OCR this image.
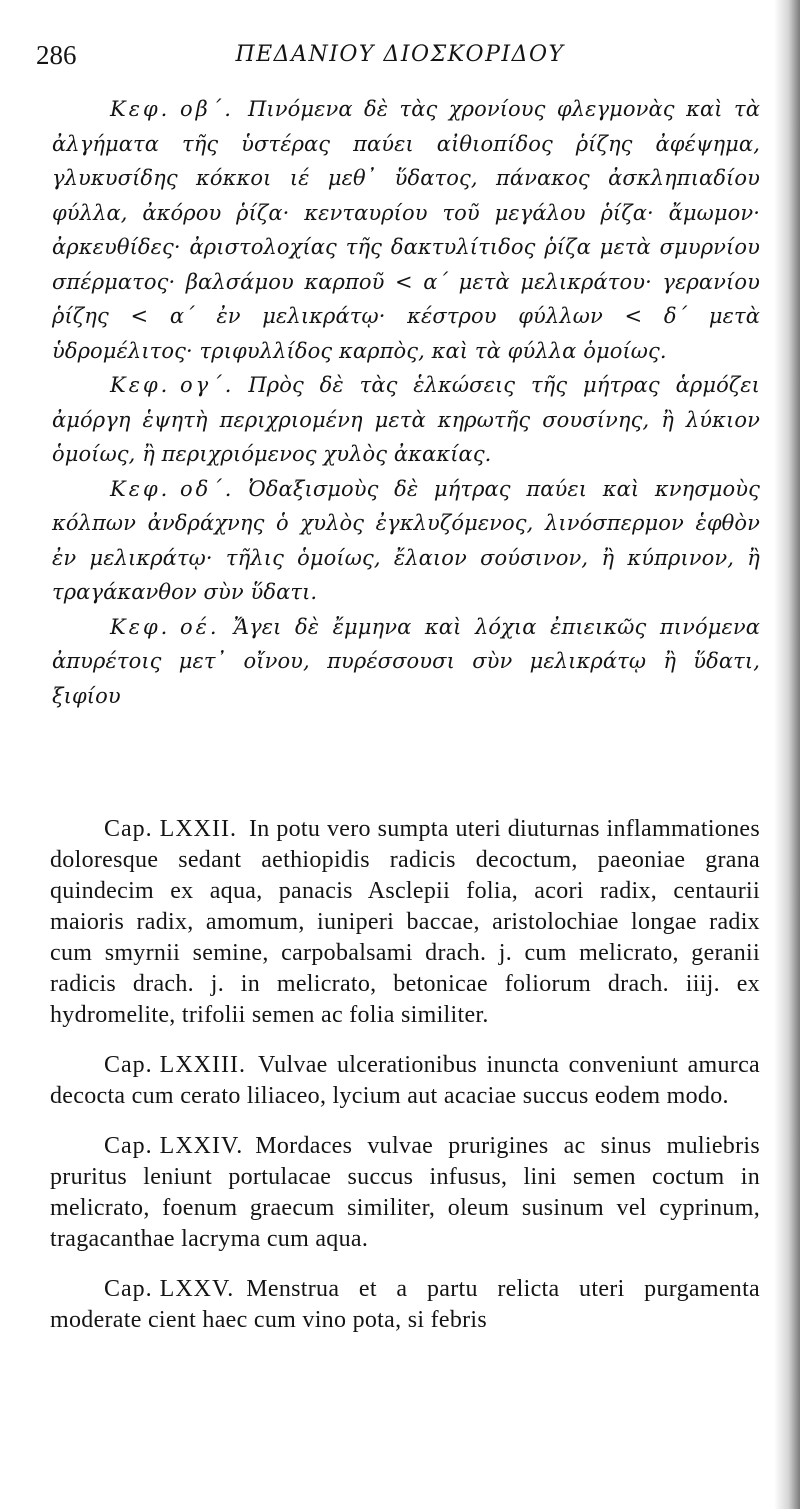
286	ΠΕΔΑΝΙΟΥ ΔΙΟΣΚΟΡΙΔΟΥ

Κεφ. οβ΄. Πινόμενα δὲ τὰς χρονίους φλεγμονὰς καὶ τὰ ἀλγήματα τῆς ὑστέρας παύει αἰθιοπίδος ῥίζης ἀφέψημα, γλυκυσίδης κόκκοι ιέ μεθ᾽ ὕδατος, πάνακος ἀσκληπιαδίου φύλλα, ἀκόρου ῥίζα· κενταυρίου τοῦ μεγάλου ῥίζα· ἄμωμον· ἀρκευθίδες· ἀριστολοχίας τῆς δακτυλίτιδος ῥίζα μετὰ σμυρνίου σπέρματος· βαλσάμου καρποῦ < α΄ μετὰ μελικράτου· γερανίου ῥίζης < α΄ ἐν μελικράτῳ· κέστρου φύλλων < δ΄ μετὰ ὑδρομέλιτος· τριφυλλίδος καρπὸς, καὶ τὰ φύλλα ὁμοίως.

Κεφ. ογ΄. Πρὸς δὲ τὰς ἑλκώσεις τῆς μήτρας ἁρμόζει ἀμόργη ἑψητὴ περιχριομένη μετὰ κηρωτῆς σουσίνης, ἢ λύκιον ὁμοίως, ἢ περιχριόμενος χυλὸς ἀκακίας.

Κεφ. οδ΄. Ὀδαξισμοὺς δὲ μήτρας παύει καὶ κνησμοὺς κόλπων ἀνδράχνης ὁ χυλὸς ἐγκλυζόμενος, λινόσπερμον ἑφθὸν ἐν μελικράτῳ· τῆλις ὁμοίως, ἔλαιον σούσινον, ἢ κύπρινον, ἢ τραγάκανθον σὺν ὕδατι.

Κεφ. οέ. Ἄγει δὲ ἔμμηνα καὶ λόχια ἐπιεικῶς πινόμενα ἀπυρέτοις μετ᾽ οἴνου, πυρέσσουσι σὺν μελικράτῳ ἢ ὕδατι, ξιφίου

Cap. LXXII. In potu vero sumpta uteri diuturnas inflammationes doloresque sedant aethiopidis radicis decoctum, paeoniae grana quindecim ex aqua, panacis Asclepii folia, acori radix, centaurii maioris radix, amomum, iuniperi baccae, aristolochiae longae radix cum smyrnii semine, carpobalsami drach. j. cum melicrato, geranii radicis drach. j. in melicrato, betonicae foliorum drach. iiij. ex hydromelite, trifolii semen ac folia similiter.

Cap. LXXIII. Vulvae ulcerationibus inuncta conveniunt amurca decocta cum cerato liliaceo, lycium aut acaciae succus eodem modo.

Cap. LXXIV. Mordaces vulvae prurigines ac sinus muliebris pruritus leniunt portulacae succus infusus, lini semen coctum in melicrato, foenum graecum similiter, oleum susinum vel cyprinum, tragacanthae lacryma cum aqua.

Cap. LXXV. Menstrua et a partu relicta uteri purgamenta moderate cient haec cum vino pota, si febris
